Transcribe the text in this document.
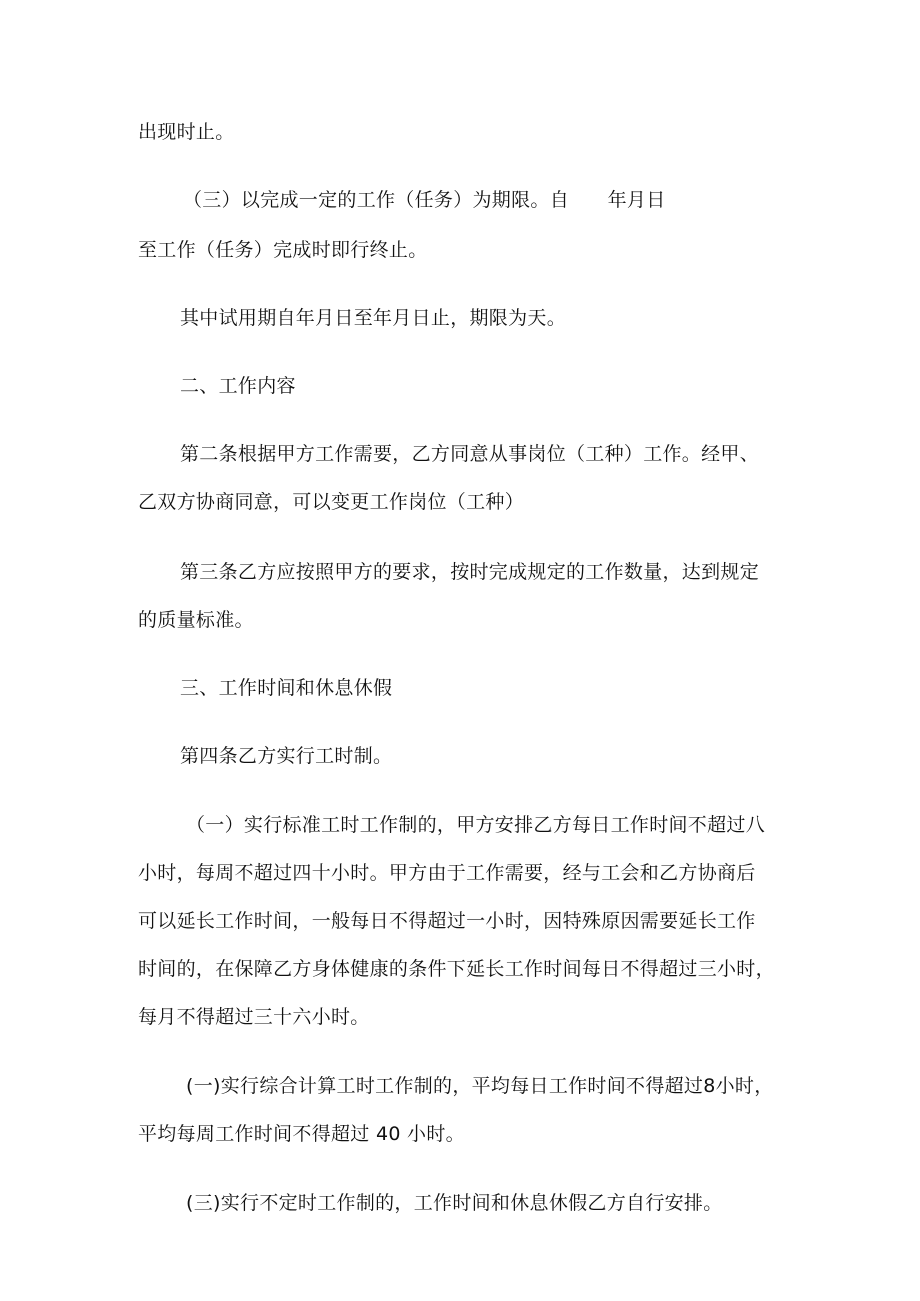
出现时止。
（三）以完成一定的工作（任务）为期限。自　　年月日
至工作（任务）完成时即行终止。
其中试用期自年月日至年月日止，期限为天。
二、工作内容
第二条根据甲方工作需要，乙方同意从事岗位（工种）工作。经甲、
乙双方协商同意，可以变更工作岗位（工种）
第三条乙方应按照甲方的要求，按时完成规定的工作数量，达到规定
的质量标准。
三、工作时间和休息休假
第四条乙方实行工时制。
（一）实行标准工时工作制的，甲方安排乙方每日工作时间不超过八
小时，每周不超过四十小时。甲方由于工作需要，经与工会和乙方协商后
可以延长工作时间，一般每日不得超过一小时，因特殊原因需要延长工作
时间的，在保障乙方身体健康的条件下延长工作时间每日不得超过三小时，
每月不得超过三十六小时。
(一)实行综合计算工时工作制的，平均每日工作时间不得超过8小时，
平均每周工作时间不得超过 40 小时。
(三)实行不定时工作制的，工作时间和休息休假乙方自行安排。
